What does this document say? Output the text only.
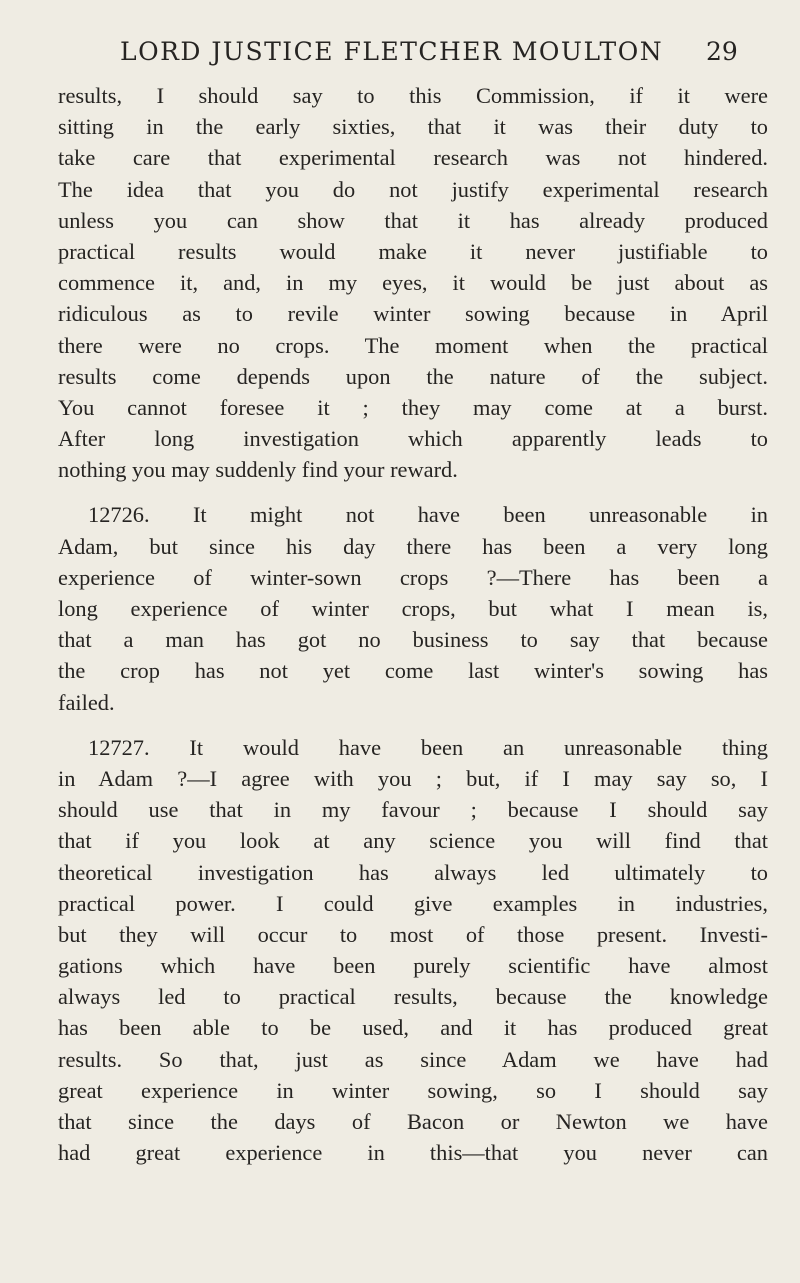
LORD JUSTICE FLETCHER MOULTON 29

results, I should say to this Commission, if it were
sitting in the early sixties, that it was their duty to
take care that experimental research was not hindered.
The idea that you do not justify experimental research
unless you can show that it has already produced
practical results would make it never justifiable to
commence it, and, in my eyes, it would be just about as
ridiculous as to revile winter sowing because in April
there were no crops. The moment when the practical
results come depends upon the nature of the subject.
You cannot foresee it ; they may come at a burst.
After long investigation which apparently leads to
nothing you may suddenly find your reward.

12726. It might not have been unreasonable in
Adam, but since his day there has been a very long
experience of winter-sown crops ?—There has been a
long experience of winter crops, but what I mean is,
that a man has got no business to say that because
the crop has not yet come last winter's sowing has
failed.

12727. It would have been an unreasonable thing
in Adam ?—I agree with you ; but, if I may say so, I
should use that in my favour ; because I should say
that if you look at any science you will find that
theoretical investigation has always led ultimately to
practical power. I could give examples in industries,
but they will occur to most of those present. Investi-
gations which have been purely scientific have almost
always led to practical results, because the knowledge
has been able to be used, and it has produced great
results. So that, just as since Adam we have had
great experience in winter sowing, so I should say
that since the days of Bacon or Newton we have
had great experience in this—that you never can
